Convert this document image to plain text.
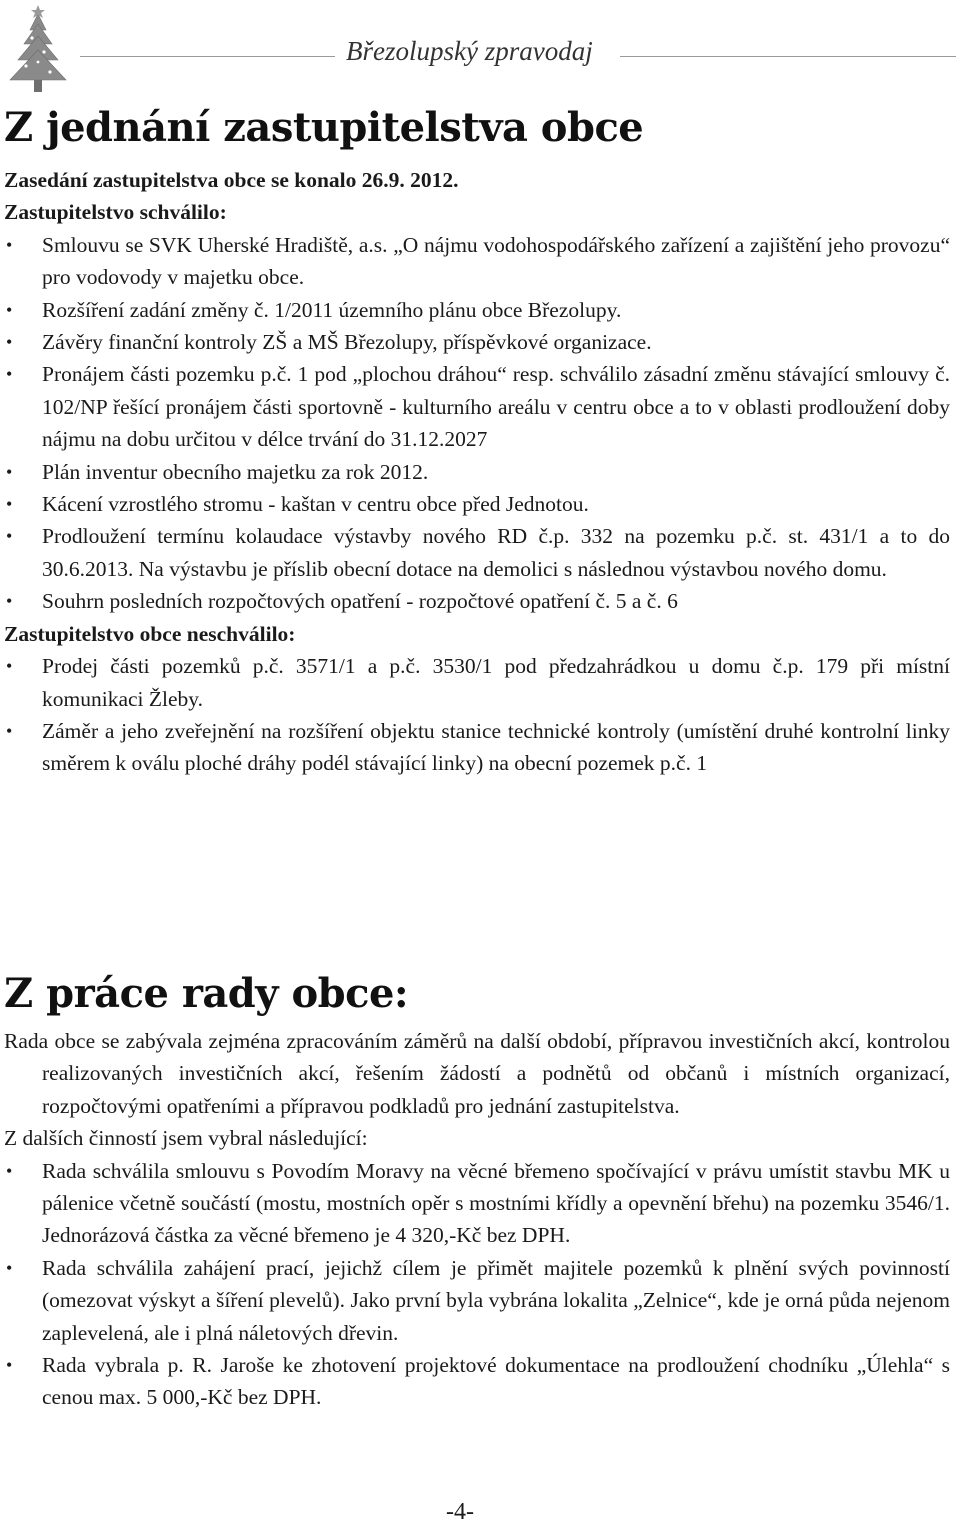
Březolupský zpravodaj
Z jednání zastupitelstva obce
Zasedání zastupitelstva obce se konalo 26.9. 2012.
Zastupitelstvo schválilo:
• Smlouvu se SVK Uherské Hradiště, a.s. „O nájmu vodohospodářského zařízení a zajištění jeho provozu“ pro vodovody v majetku obce.
• Rozšíření zadání změny č. 1/2011 územního plánu obce Březolupy.
• Závěry finanční kontroly ZŠ a MŠ Březolupy, příspěvkové organizace.
• Pronájem části pozemku p.č. 1 pod „plochou dráhou“ resp. schválilo zásadní změnu stávající smlouvy č. 102/NP řešící pronájem části sportovně - kulturního areálu v centru obce a to v oblasti prodloužení doby nájmu na dobu určitou v délce trvání do 31.12.2027
• Plán inventur obecního majetku za rok 2012.
• Kácení vzrostlého stromu - kaštan v centru obce před Jednotou.
• Prodloužení termínu kolaudace výstavby nového RD č.p. 332 na pozemku p.č. st. 431/1 a to do 30.6.2013. Na výstavbu je příslib obecní dotace na demolici s následnou výstavbou nového domu.
• Souhrn posledních rozpočtových opatření - rozpočtové opatření č. 5 a č. 6
Zastupitelstvo obce neschválilo:
• Prodej části pozemků p.č. 3571/1 a p.č. 3530/1 pod předzahrádkou u domu č.p. 179 při místní komunikaci Žleby.
• Záměr a jeho zveřejnění na rozšíření objektu stanice technické kontroly (umístění druhé kontrolní linky směrem k oválu ploché dráhy podél stávající linky) na obecní pozemek p.č. 1
Z práce rady obce:
Rada obce se zabývala zejména zpracováním záměrů na další období, přípravou investičních akcí, kontrolou realizovaných investičních akcí, řešením žádostí a podnětů od občanů i místních organizací, rozpočtovými opatřeními a přípravou podkladů pro jednání zastupitelstva.
Z dalších činností jsem vybral následující:
• Rada schválila smlouvu s Povodím Moravy na věcné břemeno spočívající v právu umístit stavbu MK u pálenice včetně součástí (mostu, mostních opěr s mostními křídly a opevnění břehu) na pozemku 3546/1. Jednorázová částka za věcné břemeno je 4 320,-Kč bez DPH.
• Rada schválila zahájení prací, jejichž cílem je přimět majitele pozemků k plnění svých povinností (omezovat výskyt a šíření plevelů). Jako první byla vybrána lokalita „Zelnice“, kde je orná půda nejenom zaplevelená, ale i plná náletových dřevin.
• Rada vybrala p. R. Jaroše ke zhotovení projektové dokumentace na prodloužení chodníku „Úlehla“ s cenou max. 5 000,-Kč bez DPH.
-4-
